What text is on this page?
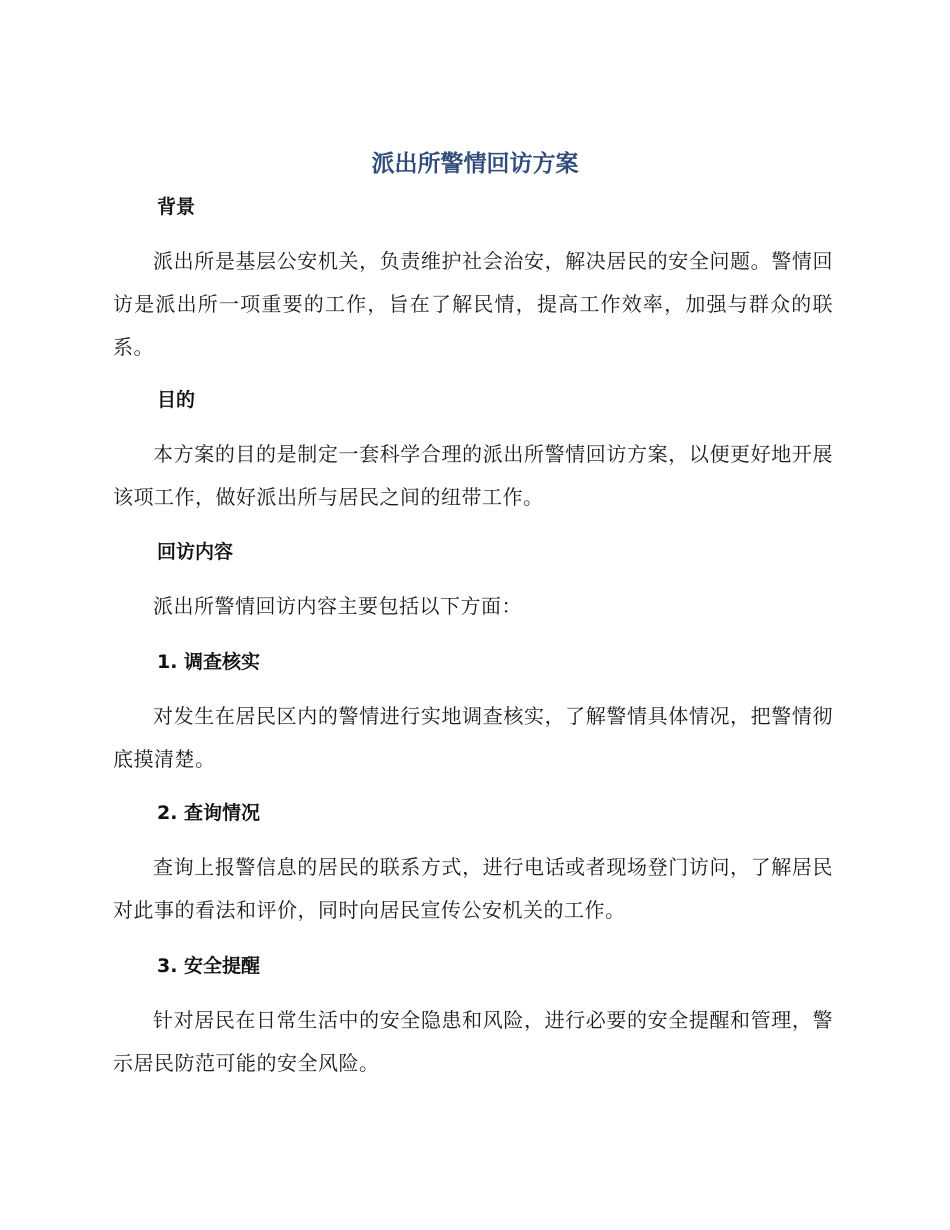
派出所警情回访方案
背景

派出所是基层公安机关，负责维护社会治安，解决居民的安全问题。警情回访是派出所一项重要的工作，旨在了解民情，提高工作效率，加强与群众的联系。

目的

本方案的目的是制定一套科学合理的派出所警情回访方案，以便更好地开展该项工作，做好派出所与居民之间的纽带工作。

回访内容

派出所警情回访内容主要包括以下方面：

1. 调查核实

对发生在居民区内的警情进行实地调查核实，了解警情具体情况，把警情彻底摸清楚。

2. 查询情况

查询上报警信息的居民的联系方式，进行电话或者现场登门访问，了解居民对此事的看法和评价，同时向居民宣传公安机关的工作。

3. 安全提醒

针对居民在日常生活中的安全隐患和风险，进行必要的安全提醒和管理，警示居民防范可能的安全风险。
